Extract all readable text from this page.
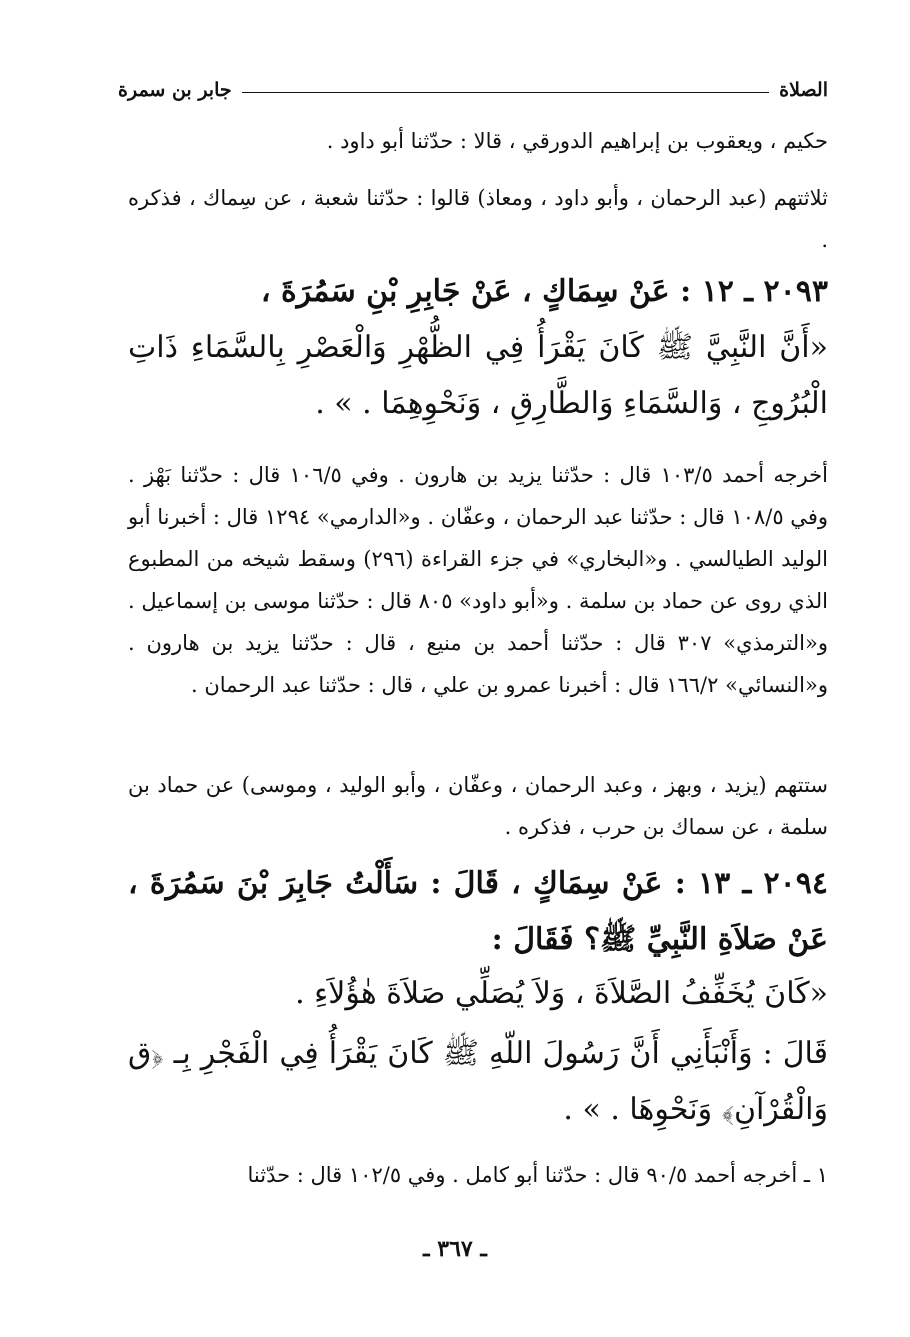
الصلاة
جابر بن سمرة
حكيم ، ويعقوب بن إبراهيم الدورقي ، قالا : حدّثنا أبو داود .
ثلاثتهم (عبد الرحمان ، وأبو داود ، ومعاذ) قالوا : حدّثنا شعبة ، عن سِماك ، فذكره .
٢٠٩٣ ـ ١٢ : عَنْ سِمَاكٍ ، عَنْ جَابِرِ بْنِ سَمُرَةَ ،
«أَنَّ النَّبِيَّ ﷺ كَانَ يَقْرَأُ فِي الظُّهْرِ وَالْعَصْرِ بِالسَّمَاءِ ذَاتِ الْبُرُوجِ ، وَالسَّمَاءِ وَالطَّارِقِ ، وَنَحْوِهِمَا . » .
أخرجه أحمد ١٠٣/٥ قال : حدّثنا يزيد بن هارون . وفي ١٠٦/٥ قال : حدّثنا بَهْز . وفي ١٠٨/٥ قال : حدّثنا عبد الرحمان ، وعفّان . و«الدارمي» ١٢٩٤ قال : أخبرنا أبو الوليد الطيالسي . و«البخاري» في جزء القراءة (٢٩٦) وسقط شيخه من المطبوع الذي روى عن حماد بن سلمة . و«أبو داود» ٨٠٥ قال : حدّثنا موسى بن إسماعيل . و«الترمذي» ٣٠٧ قال : حدّثنا أحمد بن منيع ، قال : حدّثنا يزيد بن هارون . و«النسائي» ١٦٦/٢ قال : أخبرنا عمرو بن علي ، قال : حدّثنا عبد الرحمان .
ستتهم (يزيد ، وبهز ، وعبد الرحمان ، وعفّان ، وأبو الوليد ، وموسى) عن حماد بن سلمة ، عن سماك بن حرب ، فذكره .
٢٠٩٤ ـ ١٣ : عَنْ سِمَاكٍ ، قَالَ : سَأَلْتُ جَابِرَ بْنَ سَمُرَةَ ، عَنْ صَلاَةِ النَّبِيِّ ﷺ؟ فَقَالَ :
«كَانَ يُخَفِّفُ الصَّلاَةَ ، وَلاَ يُصَلِّي صَلاَةَ هٰؤُلاَءِ .
قَالَ : وَأَنْبَأَنِي أَنَّ رَسُولَ اللّهِ ﷺ كَانَ يَقْرَأُ فِي الْفَجْرِ بِـ ﴿ق وَالْقُرْآنِ﴾ وَنَحْوِهَا . » .
١ ـ أخرجه أحمد ٩٠/٥ قال : حدّثنا أبو كامل . وفي ١٠٢/٥ قال : حدّثنا
ـ ٣٦٧ ـ
